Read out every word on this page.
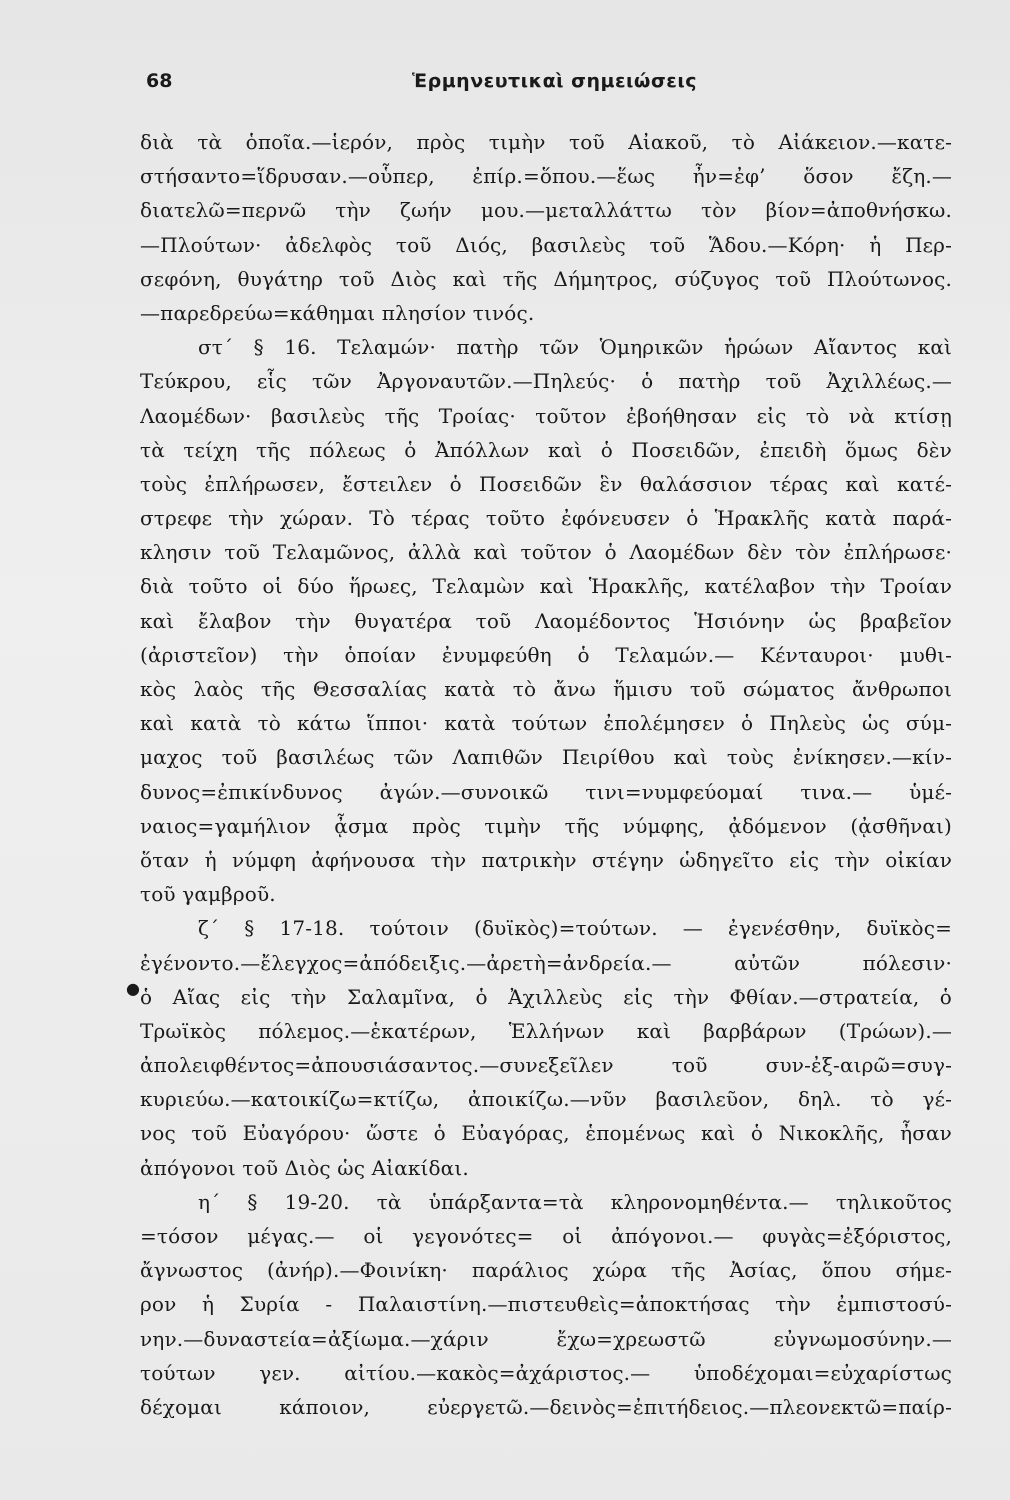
68	Ἑρμηνευτικαὶ σημειώσεις
●
διὰ τὰ ὁποῖα.—ἱερόν, πρὸς τιμὴν τοῦ Αἰακοῦ, τὸ Αἰάκειον.—κατε-
στήσαντο=ἵδρυσαν.—οὗπερ, ἐπίρ.=ὅπου.—ἕως ἦν=ἐφ’ ὅσον ἔζη.—
διατελῶ=περνῶ τὴν ζωήν μου.—μεταλλάττω τὸν βίον=ἀποθνήσκω.
—Πλούτων· ἀδελφὸς τοῦ Διός, βασιλεὺς τοῦ Ἅδου.—Κόρη· ἡ Περ-
σεφόνη, θυγάτηρ τοῦ Διὸς καὶ τῆς Δήμητρος, σύζυγος τοῦ Πλούτωνος.
—παρεδρεύω=κάθημαι πλησίον τινός.
στ΄ § 16. Τελαμών· πατὴρ τῶν Ὁμηρικῶν ἡρώων Αἴαντος καὶ
Τεύκρου, εἷς τῶν Ἀργοναυτῶν.—Πηλεύς· ὁ πατὴρ τοῦ Ἀχιλλέως.—
Λαομέδων· βασιλεὺς τῆς Τροίας· τοῦτον ἐβοήθησαν εἰς τὸ νὰ κτίσῃ
τὰ τείχη τῆς πόλεως ὁ Ἀπόλλων καὶ ὁ Ποσειδῶν, ἐπειδὴ ὅμως δὲν
τοὺς ἐπλήρωσεν, ἔστειλεν ὁ Ποσειδῶν ἓν θαλάσσιον τέρας καὶ κατέ-
στρεφε τὴν χώραν. Τὸ τέρας τοῦτο ἐφόνευσεν ὁ Ἡρακλῆς κατὰ παρά-
κλησιν τοῦ Τελαμῶνος, ἀλλὰ καὶ τοῦτον ὁ Λαομέδων δὲν τὸν ἐπλήρωσε·
διὰ τοῦτο οἱ δύο ἥρωες, Τελαμὼν καὶ Ἡρακλῆς, κατέλαβον τὴν Τροίαν
καὶ ἔλαβον τὴν θυγατέρα τοῦ Λαομέδοντος Ἡσιόνην ὡς βραβεῖον
(ἀριστεῖον) τὴν ὁποίαν ἐνυμφεύθη ὁ Τελαμών.— Κένταυροι· μυθι-
κὸς λαὸς τῆς Θεσσαλίας κατὰ τὸ ἄνω ἥμισυ τοῦ σώματος ἄνθρωποι
καὶ κατὰ τὸ κάτω ἵπποι· κατὰ τούτων ἐπολέμησεν ὁ Πηλεὺς ὡς σύμ-
μαχος τοῦ βασιλέως τῶν Λαπιθῶν Πειρίθου καὶ τοὺς ἐνίκησεν.—κίν-
δυνος=ἐπικίνδυνος ἀγών.—συνοικῶ τινι=νυμφεύομαί τινα.— ὑμέ-
ναιος=γαμήλιον ᾆσμα πρὸς τιμὴν τῆς νύμφης, ᾀδόμενον (ᾀσθῆναι)
ὅταν ἡ νύμφη ἀφήνουσα τὴν πατρικὴν στέγην ὡδηγεῖτο εἰς τὴν οἰκίαν
τοῦ γαμβροῦ.
ζ΄ § 17-18. τούτοιν (δυϊκὸς)=τούτων. — ἐγενέσθην, δυϊκὸς=
ἐγένοντο.—ἔλεγχος=ἀπόδειξις.—ἀρετὴ=ἀνδρεία.— αὐτῶν πόλεσιν·
ὁ Αἴας εἰς τὴν Σαλαμῖνα, ὁ Ἀχιλλεὺς εἰς τὴν Φθίαν.—στρατεία, ὁ
Τρωϊκὸς πόλεμος.—ἑκατέρων, Ἑλλήνων καὶ βαρβάρων (Τρώων).—
ἀπολειφθέντος=ἀπουσιάσαντος.—συνεξεῖλεν τοῦ συν-ἐξ-αιρῶ=συγ-
κυριεύω.—κατοικίζω=κτίζω, ἀποικίζω.—νῦν βασιλεῦον, δηλ. τὸ γέ-
νος τοῦ Εὐαγόρου· ὥστε ὁ Εὐαγόρας, ἑπομένως καὶ ὁ Νικοκλῆς, ἦσαν
ἀπόγονοι τοῦ Διὸς ὡς Αἰακίδαι.
η΄ § 19-20. τὰ ὑπάρξαντα=τὰ κληρονομηθέντα.— τηλικοῦτος
=τόσον μέγας.— οἱ γεγονότες= οἱ ἀπόγονοι.— φυγὰς=ἐξόριστος,
ἄγνωστος (ἀνήρ).—Φοινίκη· παράλιος χώρα τῆς Ἀσίας, ὅπου σήμε-
ρον ἡ Συρία - Παλαιστίνη.—πιστευθεὶς=ἀποκτήσας τὴν ἐμπιστοσύ-
νην.—δυναστεία=ἀξίωμα.—χάριν ἔχω=χρεωστῶ εὐγνωμοσύνην.—
τούτων γεν. αἰτίου.—κακὸς=ἀχάριστος.— ὑποδέχομαι=εὐχαρίστως
δέχομαι κάποιον, εὐεργετῶ.—δεινὸς=ἐπιτήδειος.—πλεονεκτῶ=παίρ-
